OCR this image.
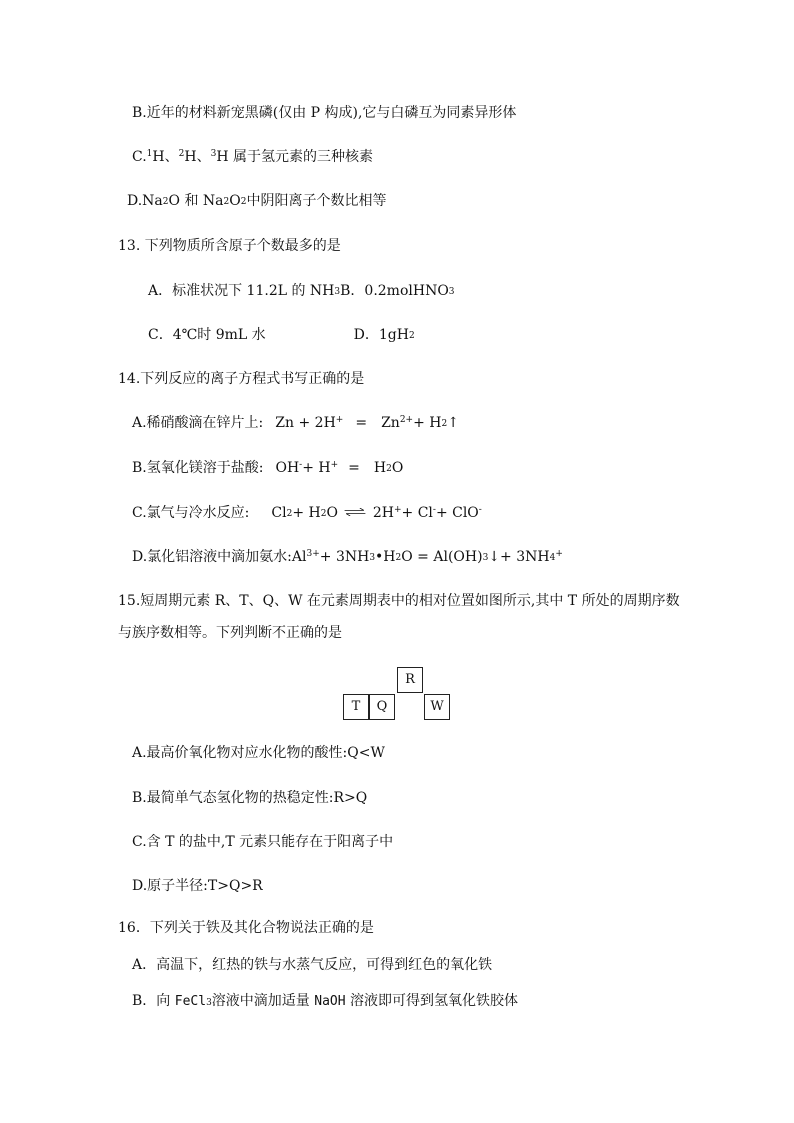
B.近年的材料新宠黑磷(仅由 P 构成),它与白磷互为同素异形体
C.$^1$H、$^2$H、$^3$H 属于氢元素的三种核素
$D.Na_2O$ 和 $Na_2O_2$中阴阳离子个数比相等
13. 下列物质所含原子个数最多的是
A．标准状况下 11.2L 的 $NH_3B$．0.2molHNO$_3$
C．4℃时 9mL 水	D．$1gH_2$
14.下列反应的离子方程式书写正确的是
A.稀硝酸滴在锌片上: $Zn + 2H^+ = Zn^{2+}+$ $H_2↑$
B.氢氧化镁溶于盐酸: $OH^-+ H^+ = H_2O$
C.氯气与冷水反应: $Cl_2+ H_2O$ ⇌ 2H++ Cl-+ ClO-
D.氯化铝溶液中滴加氨水$:Al^{3+}+$ $3NH_3•H_2O$ = $Al(OH)_3↓+ 3NH_4^+$
15.短周期元素 R、T、Q、W 在元素周期表中的相对位置如图所示,其中 T 所处的周期序数
与族序数相等。下列判断不正确的是
R
T	Q	W
A.最高价氧化物对应水化物的酸性:Q<W
B.最简单气态氢化物的热稳定性:R>Q
C.含 T 的盐中,T 元素只能存在于阳离子中
D.原子半径:T>Q>R
16．下列关于铁及其化合物说法正确的是
A．高温下，红热的铁与水蒸气反应，可得到红色的氧化铁
B．向 FeCl$_3$溶液中滴加适量 NaOH 溶液即可得到氢氧化铁胶体
